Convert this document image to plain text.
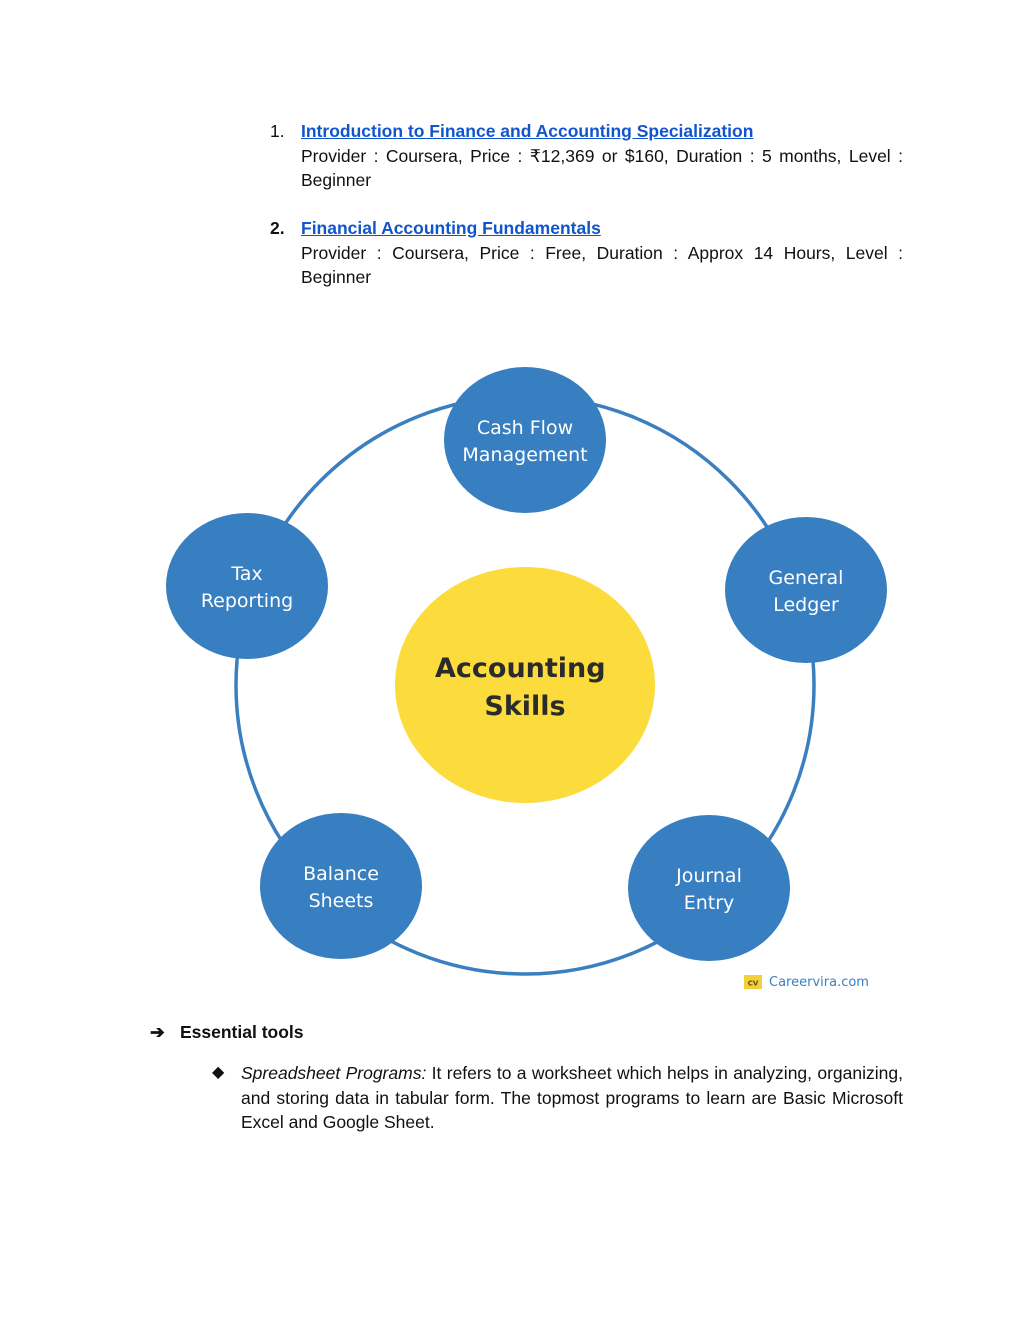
1. Introduction to Finance and Accounting Specialization
Provider : Coursera, Price : ₹12,369 or $160, Duration : 5 months, Level : Beginner
2. Financial Accounting Fundamentals
Provider : Coursera, Price : Free, Duration : Approx 14 Hours, Level : Beginner
Accounting Skills
Cash Flow Management
General Ledger
Journal Entry
Balance Sheets
Tax Reporting
CV Careervira.com
➔ Essential tools
◆ Spreadsheet Programs: It refers to a worksheet which helps in analyzing, organizing, and storing data in tabular form. The topmost programs to learn are Basic Microsoft Excel and Google Sheet.
